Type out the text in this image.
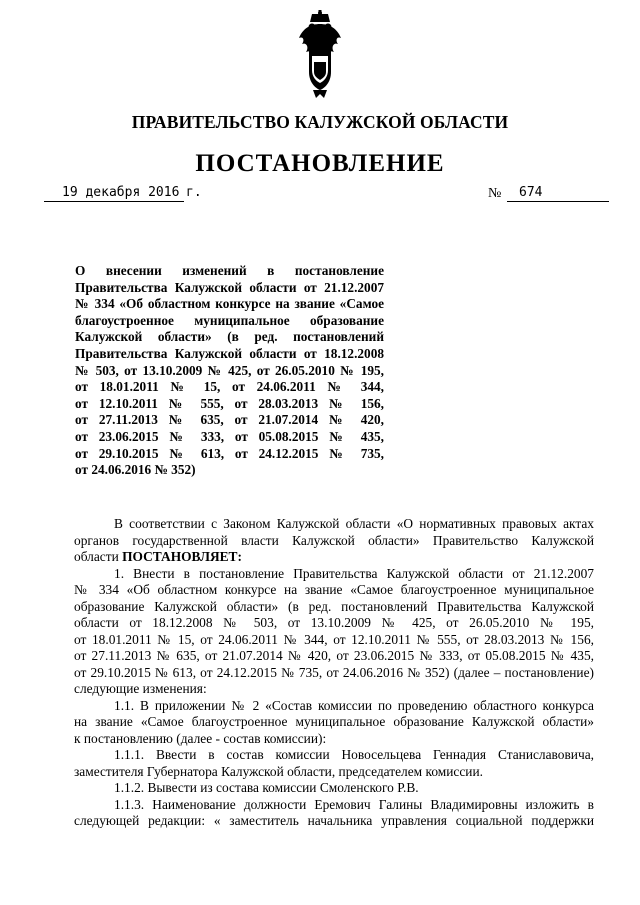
ПРАВИТЕЛЬСТВО КАЛУЖСКОЙ ОБЛАСТИ
ПОСТАНОВЛЕНИЕ
19 декабря 2016 г.	№	674
О внесении изменений в постановление
Правительства Калужской области от 21.12.2007
№ 334 «Об областном конкурсе на звание «Самое
благоустроенное муниципальное образование
Калужской области» (в ред. постановлений
Правительства Калужской области от 18.12.2008
№ 503, от 13.10.2009 № 425, от 26.05.2010 № 195,
от 18.01.2011 № 15, от 24.06.2011 № 344,
от 12.10.2011 № 555, от 28.03.2013 № 156,
от 27.11.2013 № 635, от 21.07.2014 № 420,
от 23.06.2015 № 333, от 05.08.2015 № 435,
от 29.10.2015 № 613, от 24.12.2015 № 735,
от 24.06.2016 № 352)
В соответствии с Законом Калужской области «О нормативных правовых актах
органов государственной власти Калужской области» Правительство Калужской
области ПОСТАНОВЛЯЕТ:
1. Внести в постановление Правительства Калужской области от 21.12.2007
№ 334 «Об областном конкурсе на звание «Самое благоустроенное муниципальное
образование Калужской области» (в ред. постановлений Правительства Калужской
области от 18.12.2008 № 503, от 13.10.2009 № 425, от 26.05.2010 № 195,
от 18.01.2011 № 15, от 24.06.2011 № 344, от 12.10.2011 № 555, от 28.03.2013 № 156,
от 27.11.2013 № 635, от 21.07.2014 № 420, от 23.06.2015 № 333, от 05.08.2015 № 435,
от 29.10.2015 № 613, от 24.12.2015 № 735, от 24.06.2016 № 352) (далее – постановление)
следующие изменения:
1.1. В приложении № 2 «Состав комиссии по проведению областного конкурса
на звание «Самое благоустроенное муниципальное образование Калужской области»
к постановлению (далее - состав комиссии):
1.1.1. Ввести в состав комиссии Новосельцева Геннадия Станиславовича,
заместителя Губернатора Калужской области, председателем комиссии.
1.1.2. Вывести из состава комиссии Смоленского Р.В.
1.1.3. Наименование должности Еремович Галины Владимировны изложить в
следующей редакции: « заместитель начальника управления социальной поддержки
